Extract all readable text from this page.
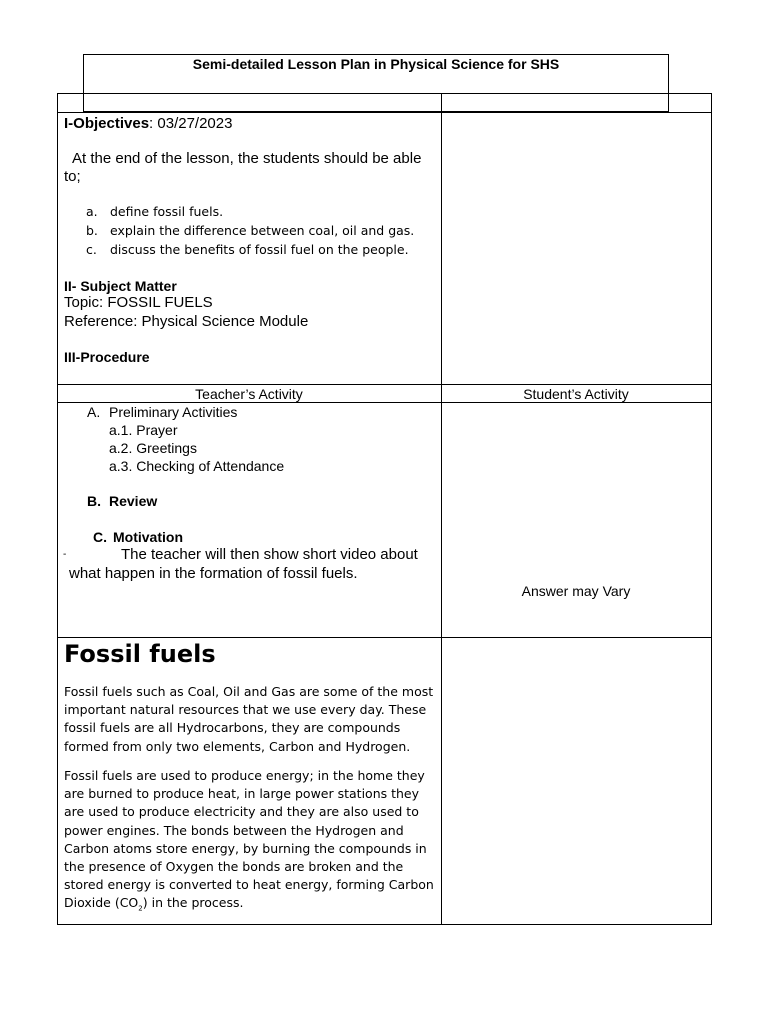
Semi-detailed Lesson Plan in Physical Science for SHS
I-Objectives: 03/27/2023
At the end of the lesson, the students should be able
to;
a. define fossil fuels.
b. explain the difference between coal, oil and gas.
c. discuss the benefits of fossil fuel on the people.
II- Subject Matter
Topic: FOSSIL FUELS
Reference: Physical Science Module
III-Procedure
Teacher’s Activity	Student’s Activity
A. Preliminary Activities
a.1. Prayer
a.2. Greetings
a.3. Checking of Attendance
B. Review
C. Motivation
-	The teacher will then show short video about
what happen in the formation of fossil fuels.
Answer may Vary
Fossil fuels
Fossil fuels such as Coal, Oil and Gas are some of the most important natural resources that we use every day. These fossil fuels are all Hydrocarbons, they are compounds formed from only two elements, Carbon and Hydrogen.
Fossil fuels are used to produce energy; in the home they are burned to produce heat, in large power stations they are used to produce electricity and they are also used to power engines. The bonds between the Hydrogen and Carbon atoms store energy, by burning the compounds in the presence of Oxygen the bonds are broken and the stored energy is converted to heat energy, forming Carbon Dioxide $(CO_2)$ in the process.
